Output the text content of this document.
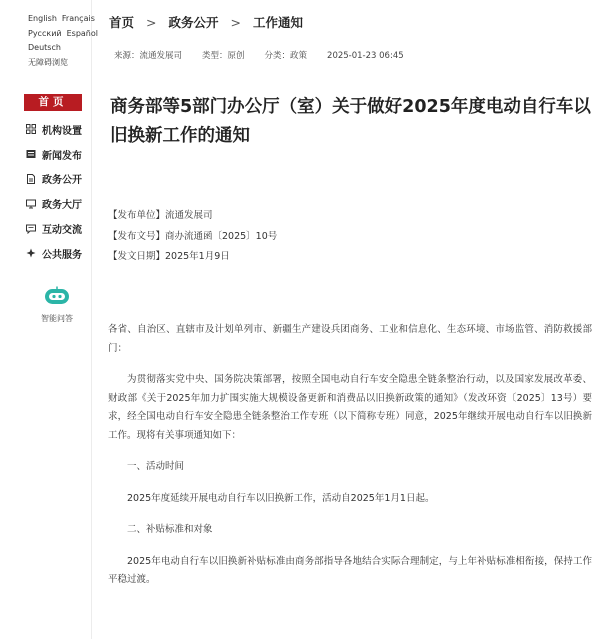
English Français
Русский Español
Deutsch
无障碍浏览
首页
机构设置
新闻发布
政务公开
政务大厅
互动交流
公共服务
智能问答
首页 > 政务公开 > 工作通知
来源：流通发展司 类型：原创 分类：政策 2025-01-23 06:45
商务部等5部门办公厅（室）关于做好2025年度电动自行车以旧换新工作的通知
【发布单位】流通发展司
【发布文号】商办流通函〔2025〕10号
【发文日期】2025年1月9日

各省、自治区、直辖市及计划单列市、新疆生产建设兵团商务、工业和信息化、生态环境、市场监管、消防救援部门：

为贯彻落实党中央、国务院决策部署，按照全国电动自行车安全隐患全链条整治行动，以及国家发展改革委、财政部《关于2025年加力扩围实施大规模设备更新和消费品以旧换新政策的通知》（发改环资〔2025〕13号）要求，经全国电动自行车安全隐患全链条整治工作专班（以下简称专班）同意，2025年继续开展电动自行车以旧换新工作。现将有关事项通知如下：

一、活动时间

2025年度延续开展电动自行车以旧换新工作，活动自2025年1月1日起。

二、补贴标准和对象

2025年电动自行车以旧换新补贴标准由商务部指导各地结合实际合理制定，与上年补贴标准相衔接，保持工作平稳过渡。
